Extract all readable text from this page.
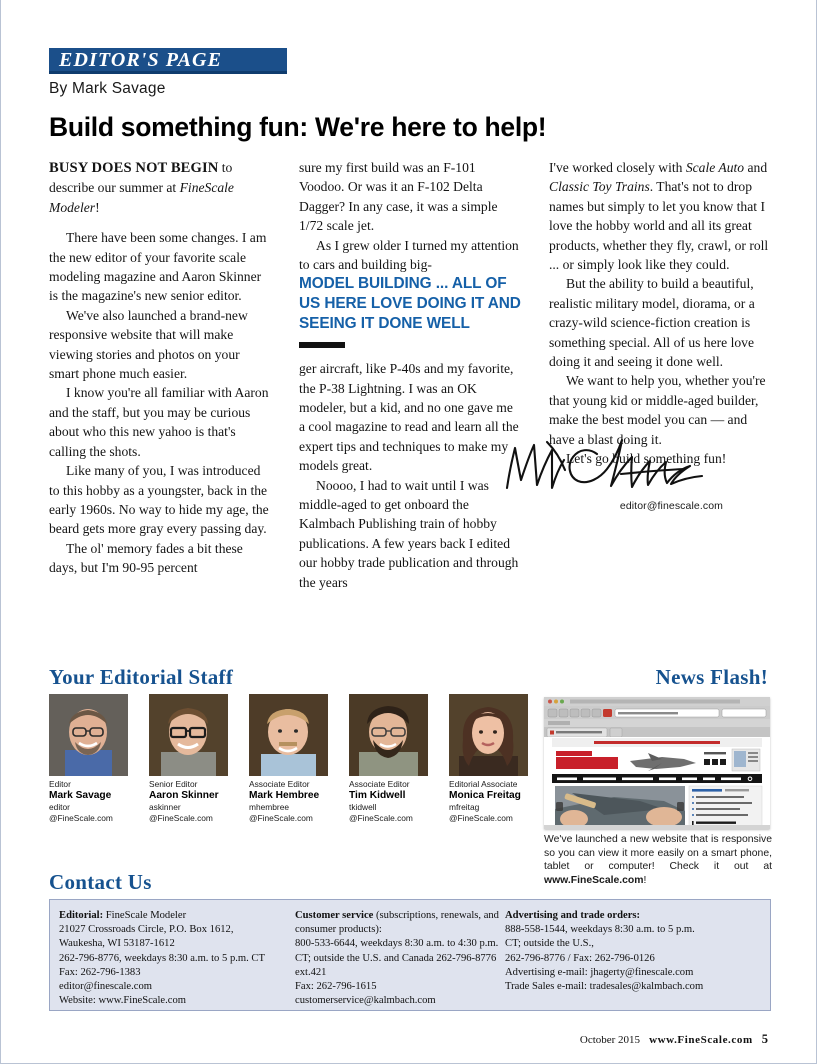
EDITOR'S PAGE
By Mark Savage
Build something fun: We're here to help!

BUSY DOES NOT BEGIN to describe our summer at FineScale Modeler!

There have been some changes. I am the new editor of your favorite scale modeling magazine and Aaron Skinner is the magazine's new senior editor.

We've also launched a brand-new responsive website that will make viewing stories and photos on your smart phone much easier.

I know you're all familiar with Aaron and the staff, but you may be curious about who this new yahoo is that's calling the shots.

Like many of you, I was introduced to this hobby as a youngster, back in the early 1960s. No way to hide my age, the beard gets more gray every passing day.

The ol' memory fades a bit these days, but I'm 90-95 percent

sure my first build was an F-101 Voodoo. Or was it an F-102 Delta Dagger? In any case, it was a simple 1/72 scale jet.

As I grew older I turned my attention to cars and building big-

MODEL BUILDING ... ALL OF US HERE LOVE DOING IT AND SEEING IT DONE WELL

ger aircraft, like P-40s and my favorite, the P-38 Lightning. I was an OK modeler, but a kid, and no one gave me a cool magazine to read and learn all the expert tips and techniques to make my models great.

Noooo, I had to wait until I was middle-aged to get onboard the Kalmbach Publishing train of hobby publications. A few years back I edited our hobby trade publication and through the years

I've worked closely with Scale Auto and Classic Toy Trains. That's not to drop names but simply to let you know that I love the hobby world and all its great products, whether they fly, crawl, or roll ... or simply look like they could.

But the ability to build a beautiful, realistic military model, diorama, or a crazy-wild science-fiction creation is something special. All of us here love doing it and seeing it done well.

We want to help you, whether you're that young kid or middle-aged builder, make the best model you can — and have a blast doing it.

Let's go build something fun!

editor@finescale.com
Your Editorial Staff
Editor
Mark Savage
editor
@FineScale.com
Senior Editor
Aaron Skinner
askinner
@FineScale.com
Associate Editor
Mark Hembree
mhembree
@FineScale.com
Associate Editor
Tim Kidwell
tkidwell
@FineScale.com
Editorial Associate
Monica Freitag
mfreitag
@FineScale.com
News Flash!
We've launched a new website that is responsive so you can view it more easily on a smart phone, tablet or computer! Check it out at www.FineScale.com!
Contact Us
Editorial: FineScale Modeler
21027 Crossroads Circle, P.O. Box 1612,
Waukesha, WI 53187-1612
262-796-8776, weekdays 8:30 a.m. to 5 p.m. CT
Fax: 262-796-1383
editor@finescale.com
Website: www.FineScale.com
Customer service (subscriptions, renewals, and
consumer products):
800-533-6644, weekdays 8:30 a.m. to 4:30 p.m.
CT; outside the U.S. and Canada 262-796-8776
ext.421
Fax: 262-796-1615
customerservice@kalmbach.com
Advertising and trade orders:
888-558-1544, weekdays 8:30 a.m. to 5 p.m.
CT; outside the U.S.,
262-796-8776 / Fax: 262-796-0126
Advertising e-mail: jhagerty@finescale.com
Trade Sales e-mail: tradesales@kalmbach.com
October 2015 www.FineScale.com 5
